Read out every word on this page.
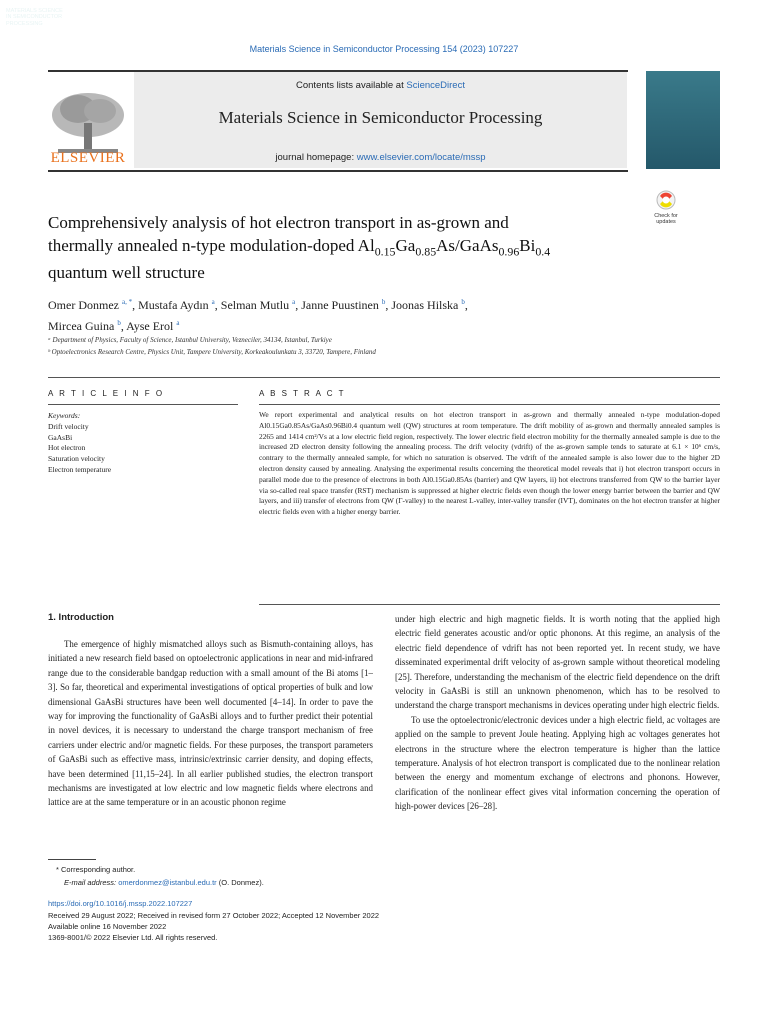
Materials Science in Semiconductor Processing 154 (2023) 107227
ELSEVIER
Contents lists available at ScienceDirect
Materials Science in Semiconductor Processing
journal homepage: www.elsevier.com/locate/mssp
MATERIALS SCIENCE IN SEMICONDUCTOR PROCESSING
Check for updates
Comprehensively analysis of hot electron transport in as-grown and
thermally annealed n-type modulation-doped $Al_{0.15}Ga_{0.85}As/GaAs_{0.96}Bi_{0.4}$
quantum well structure
Omer Donmez $^{a, *}$, Mustafa Aydın $^a$, Selman Mutlu $^a$, Janne Puustinen $^b$, Joonas Hilska $^b$,
Mircea Guina $^b$, Ayse Erol $^a$
ᵃ Department of Physics, Faculty of Science, Istanbul University, Vezneciler, 34134, Istanbul, Turkiye
ᵇ Optoelectronics Research Centre, Physics Unit, Tampere University, Korkeakoulunkatu 3, 33720, Tampere, Finland
A R T I C L E I N F O	A B S T R A C T
Keywords:
Drift velocity
GaAsBi
Hot electron
Saturation velocity
Electron temperature
We report experimental and analytical results on hot electron transport in as-grown and thermally annealed n-type modulation-doped Al0.15Ga0.85As/GaAs0.96Bi0.4 quantum well (QW) structures at room temperature. The drift mobility of as-grown and thermally annealed samples is 2265 and 1414 cm²/Vs at a low electric field region, respectively. The lower electric field electron mobility for the thermally annealed sample is due to the increased 2D electron density following the annealing process. The drift velocity (vdrift) of the as-grown sample tends to saturate at 6.1 × 10⁶ cm/s, contrary to the thermally annealed sample, for which no saturation is observed. The vdrift of the annealed sample is also lower due to the higher 2D electron density caused by annealing. Analysing the experimental results concerning the theoretical model reveals that i) hot electron transport occurs in parallel mode due to the presence of electrons in both Al0.15Ga0.85As (barrier) and QW layers, ii) hot electrons transferred from QW to the barrier layer via so-called real space transfer (RST) mechanism is suppressed at higher electric fields even though the lower energy barrier between the barrier and QW layers, and iii) transfer of electrons from QW (Γ-valley) to the nearest L-valley, inter-valley transfer (IVT), dominates on the hot electron transfer at higher electric fields even with a higher energy barrier.
1. Introduction
The emergence of highly mismatched alloys such as Bismuth-containing alloys, has initiated a new research field based on optoelectronic applications in near and mid-infrared range due to the considerable bandgap reduction with a small amount of the Bi atoms [1–3]. So far, theoretical and experimental investigations of optical properties of bulk and low dimensional GaAsBi structures have been well documented [4–14]. In order to pave the way for improving the functionality of GaAsBi alloys and to further predict their potential in novel devices, it is necessary to understand the charge transport mechanism of free carriers under electric and/or magnetic fields. For these purposes, the transport parameters of GaAsBi such as effective mass, intrinsic/extrinsic carrier density, and doping effects, have been determined [11,15–24]. In all earlier published studies, the electron transport mechanisms are investigated at low electric and low magnetic fields where electrons and lattice are at the same temperature or in an acoustic phonon regime

under high electric and high magnetic fields. It is worth noting that the applied high electric field generates acoustic and/or optic phonons. At this regime, an analysis of the electric field dependence of vdrift has not been reported yet. In recent study, we have disseminated experimental drift velocity of as-grown sample without theoretical modeling [25]. Therefore, understanding the mechanism of the electric field dependence on the drift velocity in GaAsBi is still an unknown phenomenon, which has to be resolved to understand the charge transport mechanisms in devices operating under high electric fields.

To use the optoelectronic/electronic devices under a high electric field, ac voltages are applied on the sample to prevent Joule heating. Applying high ac voltages generates hot electrons in the structure where the electron temperature is higher than the lattice temperature. Analysis of hot electron transport is complicated due to the nonlinear relation between the energy and momentum exchange of electrons and phonons. However, clarification of the nonlinear effect gives vital information concerning the operation of high-power devices [26–28].

* Corresponding author.
E-mail address: omerdonmez@istanbul.edu.tr (O. Donmez).
https://doi.org/10.1016/j.mssp.2022.107227
Received 29 August 2022; Received in revised form 27 October 2022; Accepted 12 November 2022
Available online 16 November 2022
1369-8001/© 2022 Elsevier Ltd. All rights reserved.
